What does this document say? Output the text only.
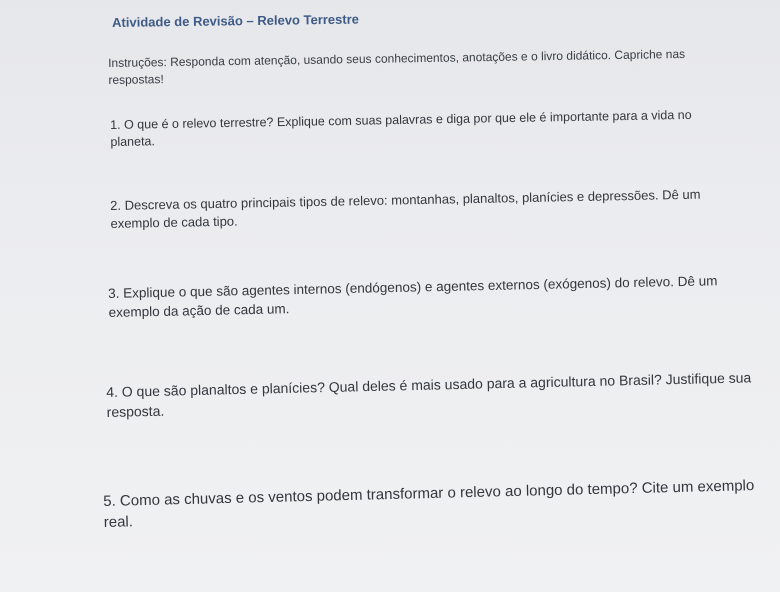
Atividade de Revisão – Relevo Terrestre
Instruções: Responda com atenção, usando seus conhecimentos, anotações e o livro didático. Capriche nas respostas!
1. O que é o relevo terrestre? Explique com suas palavras e diga por que ele é importante para a vida no planeta.
2. Descreva os quatro principais tipos de relevo: montanhas, planaltos, planícies e depressões. Dê um exemplo de cada tipo.
3. Explique o que são agentes internos (endógenos) e agentes externos (exógenos) do relevo. Dê um exemplo da ação de cada um.
4. O que são planaltos e planícies? Qual deles é mais usado para a agricultura no Brasil? Justifique sua resposta.
5. Como as chuvas e os ventos podem transformar o relevo ao longo do tempo? Cite um exemplo real.
